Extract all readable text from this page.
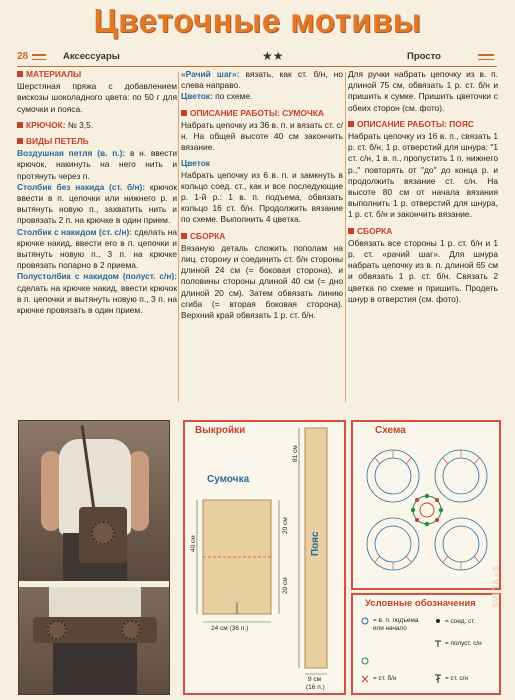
Цветочные мотивы
28	Аксессуары	★★	Просто
МАТЕРИАЛЫ
Шерстяная пряжа с добавлением вискозы шоколадного цвета: по 50 г для сумочки и пояса.
КРЮЧОК: № 3,5.
ВИДЫ ПЕТЕЛЬ
Воздушная петля (в. п.): в н. ввести крючок, накинуть на него нить и протянуть через п.
Столбик без накида (ст. б/н): крючок ввести в п. цепочки или нижнего р. и вытянуть новую п., захватить нить и провязать 2 п. на крючке в один прием.
Столбик с накидом (ст. с/н): сделать на крючке накид, ввести его в п. цепочки и вытянуть новую п., 3 п. на крючке провязать попарно в 2 приема.
Полустолбик с накидом (полуст. с/н): сделать на крючке накид, ввести крючок в п. цепочки и вытянуть новую п., 3 п. на крючке провязать в один прием.
«Рачий шаг»: вязать, как ст. б/н, но слева направо.
Цветок: по схеме.
ОПИСАНИЕ РАБОТЫ: СУМОЧКА
Набрать цепочку из 36 в. п. и вязать ст. с/н. На общей высоте 40 см закончить вязание.
Цветок
Набрать цепочку из 6 в. п. и замкнуть в кольцо соед. ст., как и все последующие р. 1-й р.: 1 в. п. подъема, обвязать кольцо 16 ст. б/н. Продолжить вязание по схеме. Выполнить 4 цветка.
СБОРКА
Вязаную деталь сложить пополам на лиц. сторону и соединить ст. б/н стороны длиной 24 см (= боковая сторона), и половины стороны длиной 40 см (= дно длиной 20 см). Затем обвязать линию сгиба (= вторая боковая сторона). Верхний край обвязать 1 р. ст. б/н.
Для ручки набрать цепочку из в. п. длиной 75 см, обвязать 1 р. ст. б/н и пришить к сумке. Пришить цветочки с обеих сторон (см. фото).
ОПИСАНИЕ РАБОТЫ: ПОЯС
Набрать цепочку из 16 в. п., связать 1 р. ст. б/н, 1 р. отверстий для шнура: "1 ст. с/н, 1 в. п., пропустить 1 п. нижнего р.," повторять от "до" до конца р. и продолжить вязание ст. с/н. На высоте 80 см от начала вязания выполнить 1 р. отверстий для шнура, 1 р. ст. б/н и закончить вязание.
СБОРКА
Обвязать все стороны 1 р. ст. б/н и 1 р. ст. «рачий шаг». Для шнура набрать цепочку из в. п. длиной 65 см и обвязать 1 р. ст. б/н. Связать 2 цветка по схеме и пришить. Продеть шнур в отверстия (см. фото).
Выкройки
Сумочка
40 см
20 см
20 см
24 см (36 п.)
81 см
Пояс
9 см
(16 п.)
Схема
Условные обозначения
= в. п. подъема или начало
= соед. ст.
= полуст. с/н
= ст. б/н	= ст. с/н
SVETA • 6
